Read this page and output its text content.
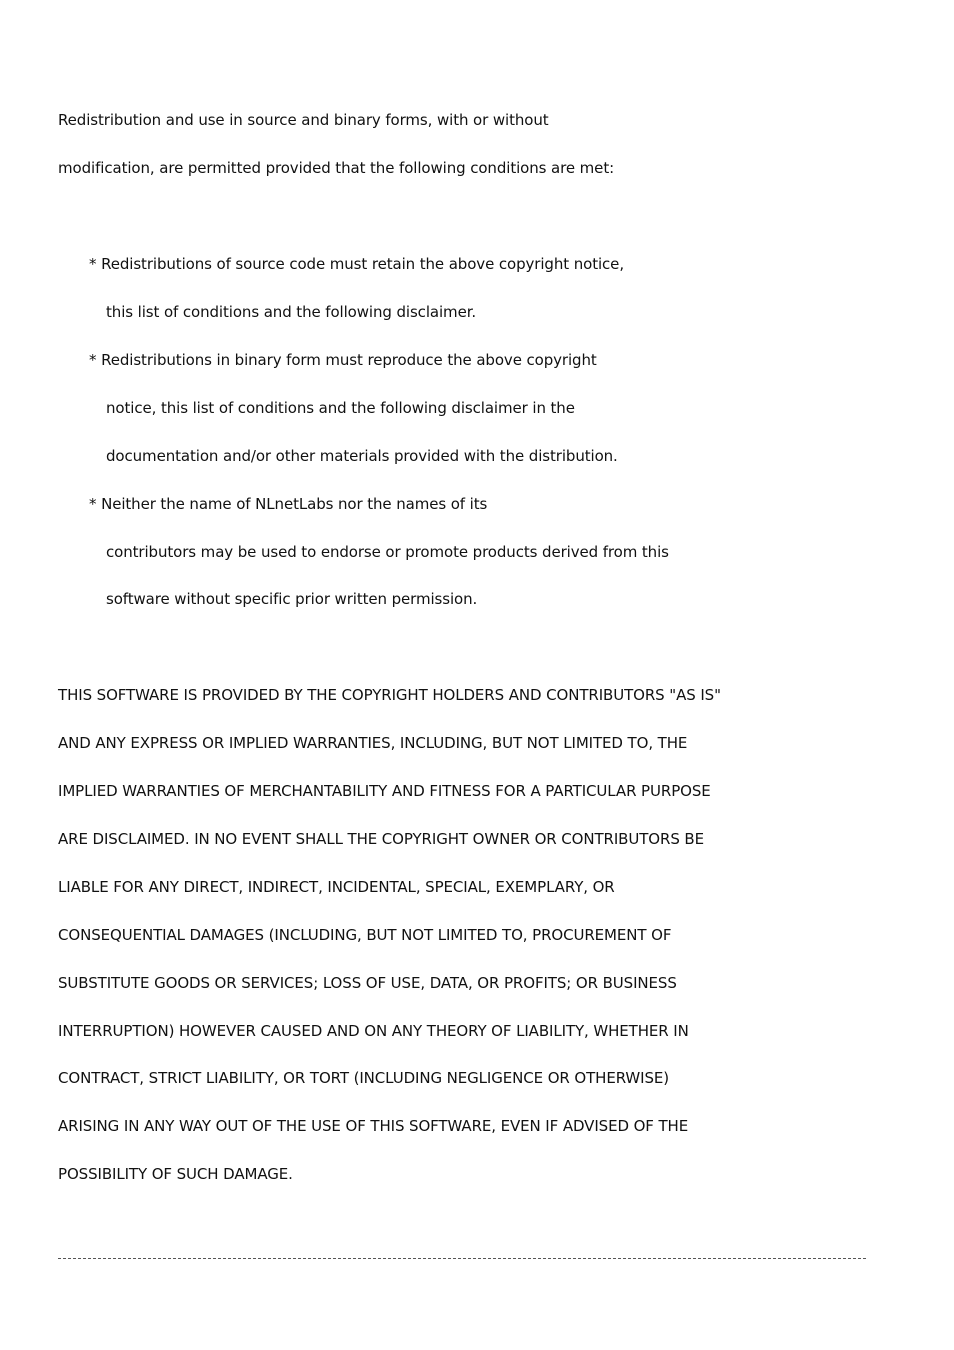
Redistribution and use in source and binary forms, with or without
modification, are permitted provided that the following conditions are met:
* Redistributions of source code must retain the above copyright notice,
this list of conditions and the following disclaimer.
* Redistributions in binary form must reproduce the above copyright
notice, this list of conditions and the following disclaimer in the
documentation and/or other materials provided with the distribution.
* Neither the name of NLnetLabs nor the names of its
contributors may be used to endorse or promote products derived from this
software without specific prior written permission.
THIS SOFTWARE IS PROVIDED BY THE COPYRIGHT HOLDERS AND CONTRIBUTORS "AS IS"
AND ANY EXPRESS OR IMPLIED WARRANTIES, INCLUDING, BUT NOT LIMITED TO, THE
IMPLIED WARRANTIES OF MERCHANTABILITY AND FITNESS FOR A PARTICULAR PURPOSE
ARE DISCLAIMED. IN NO EVENT SHALL THE COPYRIGHT OWNER OR CONTRIBUTORS BE
LIABLE FOR ANY DIRECT, INDIRECT, INCIDENTAL, SPECIAL, EXEMPLARY, OR
CONSEQUENTIAL DAMAGES (INCLUDING, BUT NOT LIMITED TO, PROCUREMENT OF
SUBSTITUTE GOODS OR SERVICES; LOSS OF USE, DATA, OR PROFITS; OR BUSINESS
INTERRUPTION) HOWEVER CAUSED AND ON ANY THEORY OF LIABILITY, WHETHER IN
CONTRACT, STRICT LIABILITY, OR TORT (INCLUDING NEGLIGENCE OR OTHERWISE)
ARISING IN ANY WAY OUT OF THE USE OF THIS SOFTWARE, EVEN IF ADVISED OF THE
POSSIBILITY OF SUCH DAMAGE.
